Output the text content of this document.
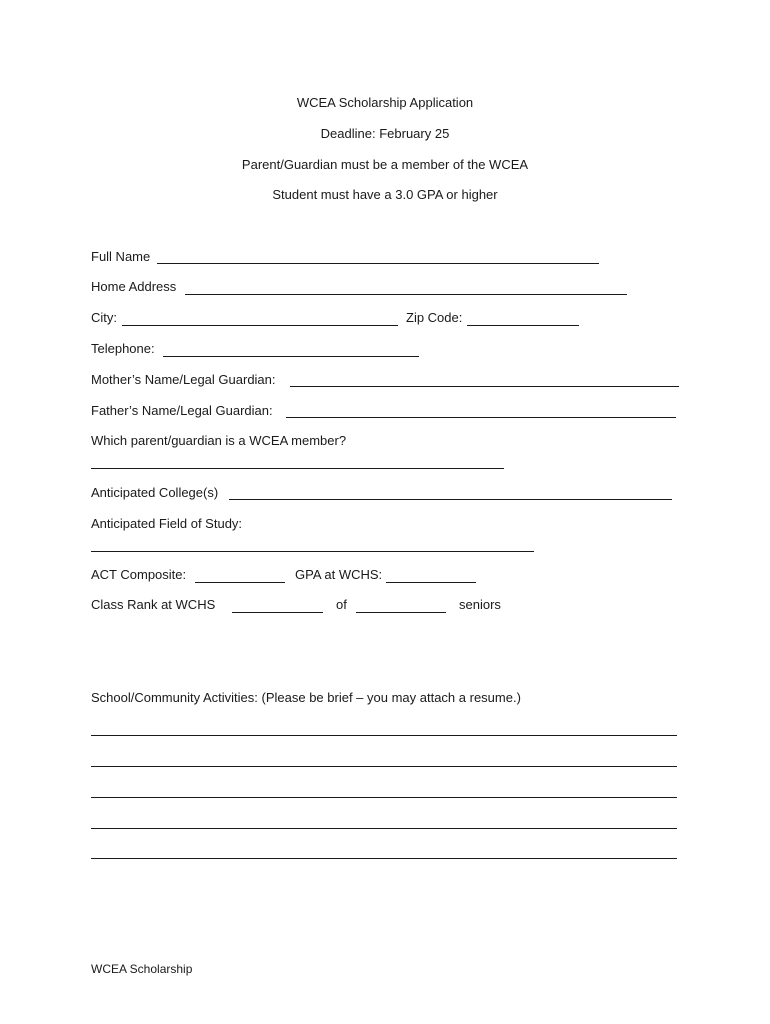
WCEA Scholarship Application
Deadline: February 25
Parent/Guardian must be a member of the WCEA
Student must have a 3.0 GPA or higher
Full Name
Home Address
City:	Zip Code:
Telephone:
Mother’s Name/Legal Guardian:
Father’s Name/Legal Guardian:
Which parent/guardian is a WCEA member?
Anticipated College(s)
Anticipated Field of Study:
ACT Composite:	GPA at WCHS:
Class Rank at WCHS	of	seniors
School/Community Activities: (Please be brief – you may attach a resume.)
WCEA Scholarship
